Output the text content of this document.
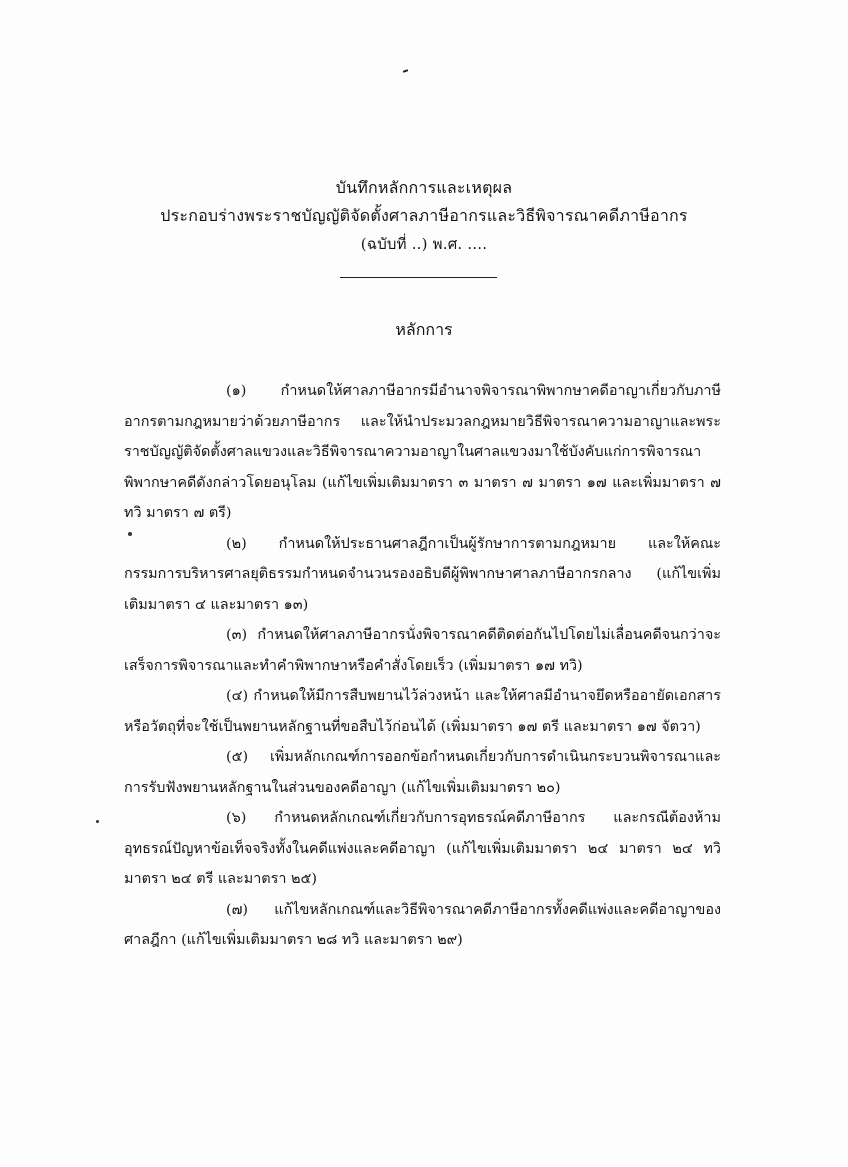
บันทึกหลักการและเหตุผล
ประกอบร่างพระราชบัญญัติจัดตั้งศาลภาษีอากรและวิธีพิจารณาคดีภาษีอากร
(ฉบับที่ ..) พ.ศ. ....
หลักการ

(๑) กำหนดให้ศาลภาษีอากรมีอำนาจพิจารณาพิพากษาคดีอาญาเกี่ยวกับภาษีอากรตามกฎหมายว่าด้วยภาษีอากร และให้นำประมวลกฎหมายวิธีพิจารณาความอาญาและพระราชบัญญัติจัดตั้งศาลแขวงและวิธีพิจารณาความอาญาในศาลแขวงมาใช้บังคับแก่การพิจารณาพิพากษาคดีดังกล่าวโดยอนุโลม (แก้ไขเพิ่มเติมมาตรา ๓ มาตรา ๗ มาตรา ๑๗ และเพิ่มมาตรา ๗ ทวิ มาตรา ๗ ตรี)

(๒) กำหนดให้ประธานศาลฎีกาเป็นผู้รักษาการตามกฎหมาย และให้คณะกรรมการบริหารศาลยุติธรรมกำหนดจำนวนรองอธิบดีผู้พิพากษาศาลภาษีอากรกลาง (แก้ไขเพิ่มเติมมาตรา ๔ และมาตรา ๑๓)

(๓) กำหนดให้ศาลภาษีอากรนั่งพิจารณาคดีติดต่อกันไปโดยไม่เลื่อนคดีจนกว่าจะเสร็จการพิจารณาและทำคำพิพากษาหรือคำสั่งโดยเร็ว (เพิ่มมาตรา ๑๗ ทวิ)

(๔) กำหนดให้มีการสืบพยานไว้ล่วงหน้า และให้ศาลมีอำนาจยึดหรืออายัดเอกสารหรือวัตถุที่จะใช้เป็นพยานหลักฐานที่ขอสืบไว้ก่อนได้ (เพิ่มมาตรา ๑๗ ตรี และมาตรา ๑๗ จัตวา)

(๕) เพิ่มหลักเกณฑ์การออกข้อกำหนดเกี่ยวกับการดำเนินกระบวนพิจารณาและการรับฟังพยานหลักฐานในส่วนของคดีอาญา (แก้ไขเพิ่มเติมมาตรา ๒๐)

(๖) กำหนดหลักเกณฑ์เกี่ยวกับการอุทธรณ์คดีภาษีอากร และกรณีต้องห้ามอุทธรณ์ปัญหาข้อเท็จจริงทั้งในคดีแพ่งและคดีอาญา (แก้ไขเพิ่มเติมมาตรา ๒๔ มาตรา ๒๔ ทวิ มาตรา ๒๔ ตรี และมาตรา ๒๕)

(๗) แก้ไขหลักเกณฑ์และวิธีพิจารณาคดีภาษีอากรทั้งคดีแพ่งและคดีอาญาของศาลฎีกา (แก้ไขเพิ่มเติมมาตรา ๒๘ ทวิ และมาตรา ๒๙)
